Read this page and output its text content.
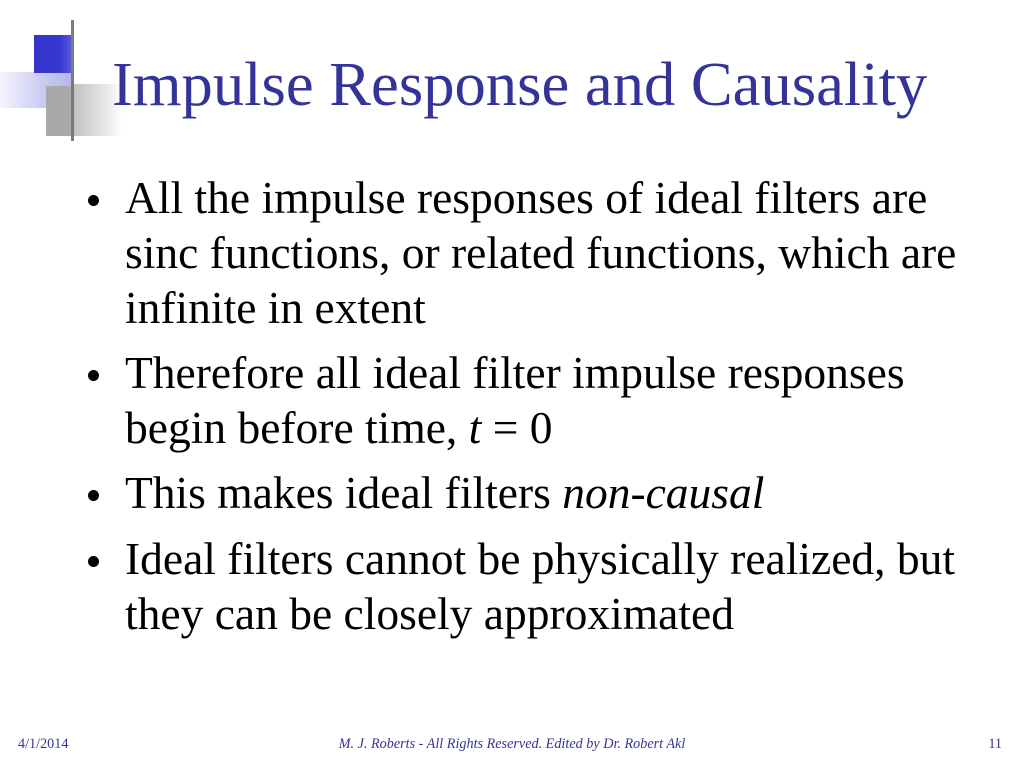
Impulse Response and Causality
All the impulse responses of ideal filters are sinc functions, or related functions, which are infinite in extent
Therefore all ideal filter impulse responses begin before time, t = 0
This makes ideal filters non-causal
Ideal filters cannot be physically realized, but they can be closely approximated
4/1/2014	M. J. Roberts - All Rights Reserved. Edited by Dr. Robert Akl	11
